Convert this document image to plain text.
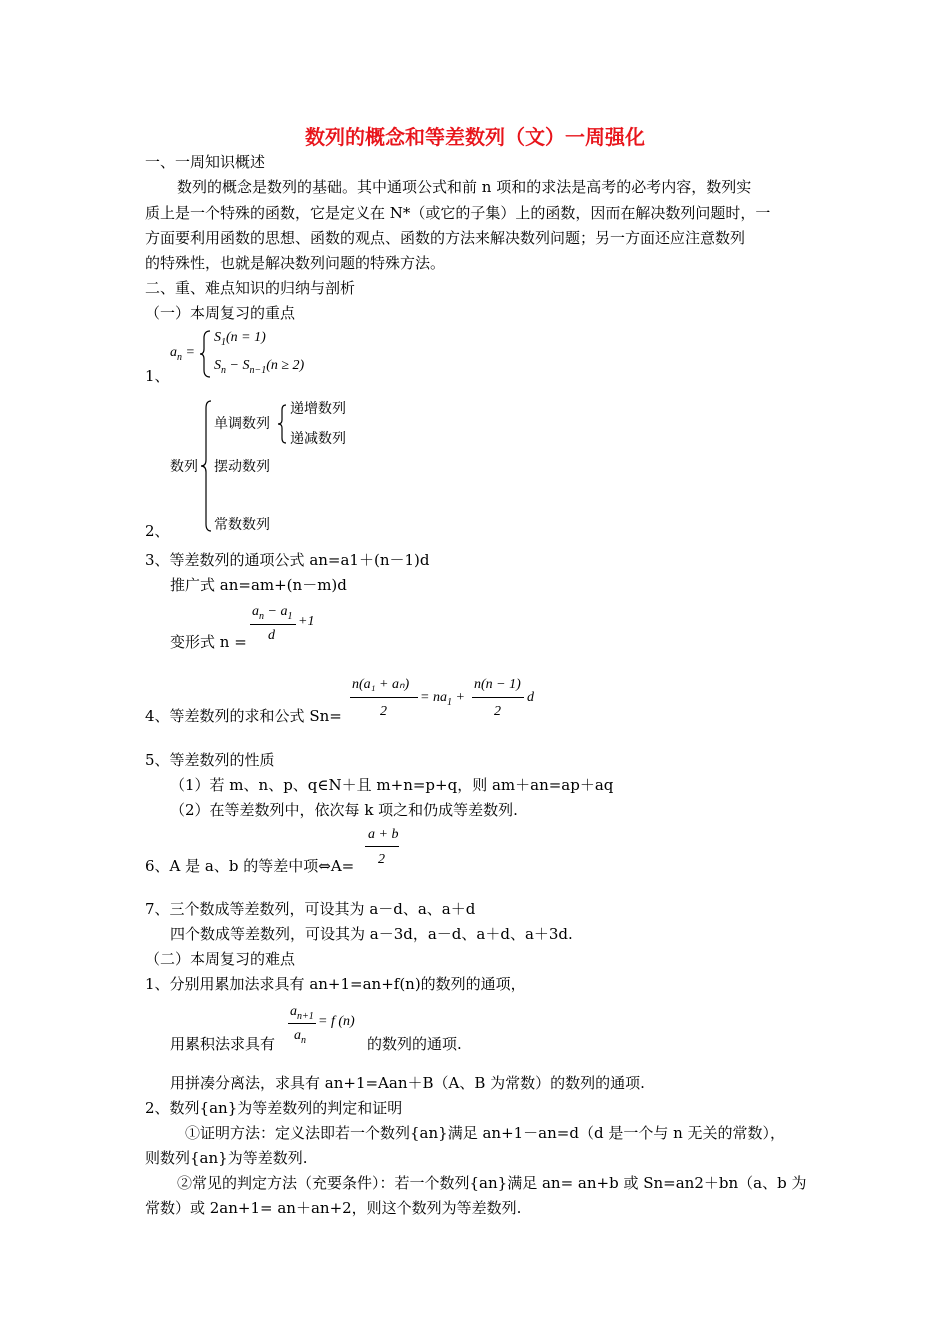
数列的概念和等差数列（文）一周强化
一、一周知识概述
数列的概念是数列的基础。其中通项公式和前 n 项和的求法是高考的必考内容，数列实
质上是一个特殊的函数，它是定义在 N*（或它的子集）上的函数，因而在解决数列问题时，一
方面要利用函数的思想、函数的观点、函数的方法来解决数列问题；另一方面还应注意数列
的特殊性，也就是解决数列问题的特殊方法。
二、重、难点知识的归纳与剖析
（一）本周复习的重点
1、
$a_n$ =
$S_1(n = 1)$
$S_n - S_{n-1}(n \ge 2)$
2、
数列
单调数列
递增数列
递减数列
摆动数列
常数数列
3、等差数列的通项公式 an=a1＋(n－1)d
推广式 an=am+(n－m)d
变形式 n =
$a_n - a_1$
d
+1
4、等差数列的求和公式 Sn=
n(a₁ + aₙ)
2
= $na_1$ +
n(n − 1)
2
d
5、等差数列的性质
（1）若 m、n、p、q∈N＋且 m+n=p+q，则 am＋an=ap＋aq
（2）在等差数列中，依次每 k 项之和仍成等差数列.
6、A 是 a、b 的等差中项⇔A=
a + b
2
7、三个数成等差数列，可设其为 a－d、a、a＋d
四个数成等差数列，可设其为 a－3d，a－d、a＋d、a＋3d.
（二）本周复习的难点
1、分别用累加法求具有 an+1=an+f(n)的数列的通项，
$a_{n+1}$
$a_n$
= f (n)
用累积法求具有	的数列的通项.
用拼凑分离法，求具有 an+1=Aan＋B（A、B 为常数）的数列的通项.
2、数列{an}为等差数列的判定和证明
①证明方法：定义法即若一个数列{an}满足 an+1－an=d（d 是一个与 n 无关的常数），
则数列{an}为等差数列.
②常见的判定方法（充要条件）：若一个数列{an}满足 an= an+b 或 Sn=an2＋bn（a、b 为
常数）或 2an+1= an＋an+2，则这个数列为等差数列.
